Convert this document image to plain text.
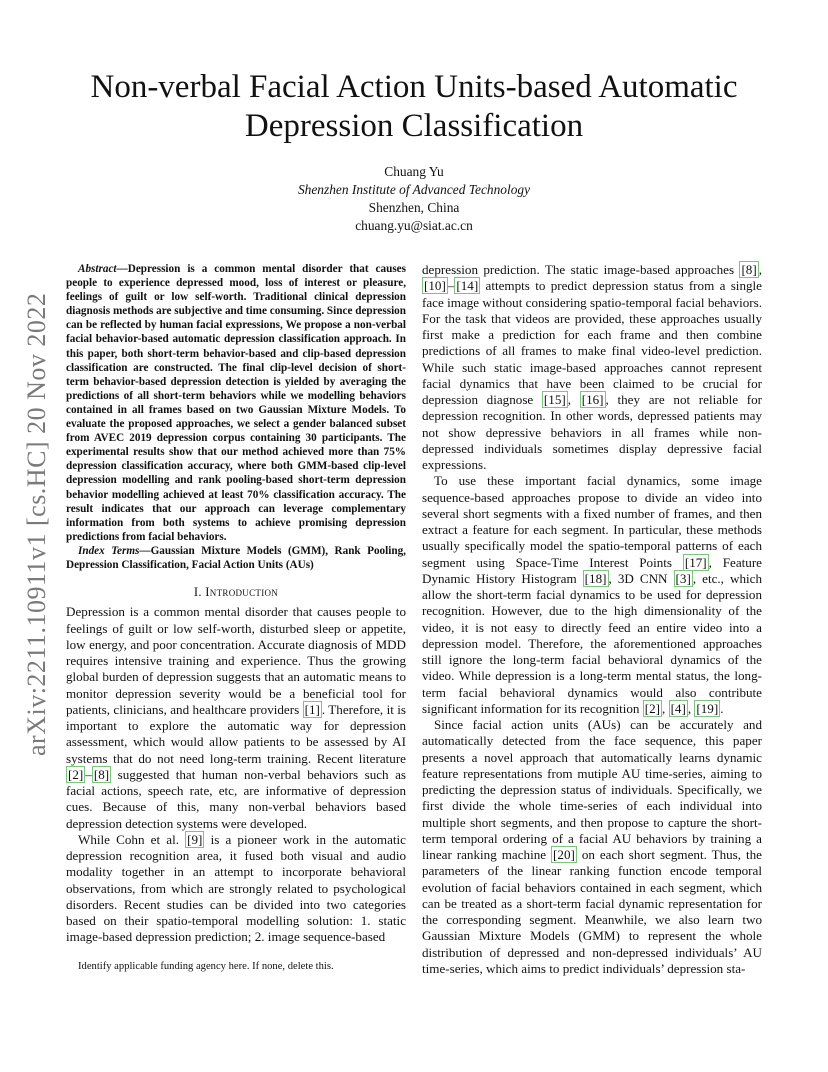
arXiv:2211.10911v1 [cs.HC] 20 Nov 2022
Non-verbal Facial Action Units-based Automatic
Depression Classification
Chuang Yu
Shenzhen Institute of Advanced Technology
Shenzhen, China
chuang.yu@siat.ac.cn

Abstract—Depression is a common mental disorder that causes people to experience depressed mood, loss of interest or pleasure, feelings of guilt or low self-worth. Traditional clinical depression diagnosis methods are subjective and time consuming. Since depression can be reflected by human facial expressions, We propose a non-verbal facial behavior-based automatic depression classification approach. In this paper, both short-term behavior-based and clip-based depression classification are constructed. The final clip-level decision of short-term behavior-based depression detection is yielded by averaging the predictions of all short-term behaviors while we modelling behaviors contained in all frames based on two Gaussian Mixture Models. To evaluate the proposed approaches, we select a gender balanced subset from AVEC 2019 depression corpus containing 30 participants. The experimental results show that our method achieved more than 75% depression classification accuracy, where both GMM-based clip-level depression modelling and rank pooling-based short-term depression behavior modelling achieved at least 70% classification accuracy. The result indicates that our approach can leverage complementary information from both systems to achieve promising depression predictions from facial behaviors.

Index Terms—Gaussian Mixture Models (GMM), Rank Pooling, Depression Classification, Facial Action Units (AUs)

I. Introduction

Depression is a common mental disorder that causes people to feelings of guilt or low self-worth, disturbed sleep or appetite, low energy, and poor concentration. Accurate diagnosis of MDD requires intensive training and experience. Thus the growing global burden of depression suggests that an automatic means to monitor depression severity would be a beneficial tool for patients, clinicians, and healthcare providers [1] . Therefore, it is important to explore the automatic way for depression assessment, which would allow patients to be assessed by AI systems that do not need long-term training. Recent literature [2] – [8] suggested that human non-verbal behaviors such as facial actions, speech rate, etc, are informative of depression cues. Because of this, many non-verbal behaviors based depression detection systems were developed.

While Cohn et al. [9] is a pioneer work in the automatic depression recognition area, it fused both visual and audio modality together in an attempt to incorporate behavioral observations, from which are strongly related to psychological disorders. Recent studies can be divided into two categories based on their spatio-temporal modelling solution: 1. static image-based depression prediction; 2. image sequence-based

depression prediction. The static image-based approaches [8] , [10] – [14] attempts to predict depression status from a single face image without considering spatio-temporal facial behaviors. For the task that videos are provided, these approaches usually first make a prediction for each frame and then combine predictions of all frames to make final video-level prediction. While such static image-based approaches cannot represent facial dynamics that have been claimed to be crucial for depression diagnose [15] , [16] , they are not reliable for depression recognition. In other words, depressed patients may not show depressive behaviors in all frames while non-depressed individuals sometimes display depressive facial expressions.

To use these important facial dynamics, some image sequence-based approaches propose to divide an video into several short segments with a fixed number of frames, and then extract a feature for each segment. In particular, these methods usually specifically model the spatio-temporal patterns of each segment using Space-Time Interest Points [17] , Feature Dynamic History Histogram [18] , 3D CNN [3] , etc., which allow the short-term facial dynamics to be used for depression recognition. However, due to the high dimensionality of the video, it is not easy to directly feed an entire video into a depression model. Therefore, the aforementioned approaches still ignore the long-term facial behavioral dynamics of the video. While depression is a long-term mental status, the long-term facial behavioral dynamics would also contribute significant information for its recognition [2] , [4] , [19] .

Since facial action units (AUs) can be accurately and automatically detected from the face sequence, this paper presents a novel approach that automatically learns dynamic feature representations from mutiple AU time-series, aiming to predicting the depression status of individuals. Specifically, we first divide the whole time-series of each individual into multiple short segments, and then propose to capture the short-term temporal ordering of a facial AU behaviors by training a linear ranking machine [20] on each short segment. Thus, the parameters of the linear ranking function encode temporal evolution of facial behaviors contained in each segment, which can be treated as a short-term facial dynamic representation for the corresponding segment. Meanwhile, we also learn two Gaussian Mixture Models (GMM) to represent the whole distribution of depressed and non-depressed individuals’ AU time-series, which aims to predict individuals’ depression sta-

Identify applicable funding agency here. If none, delete this.
